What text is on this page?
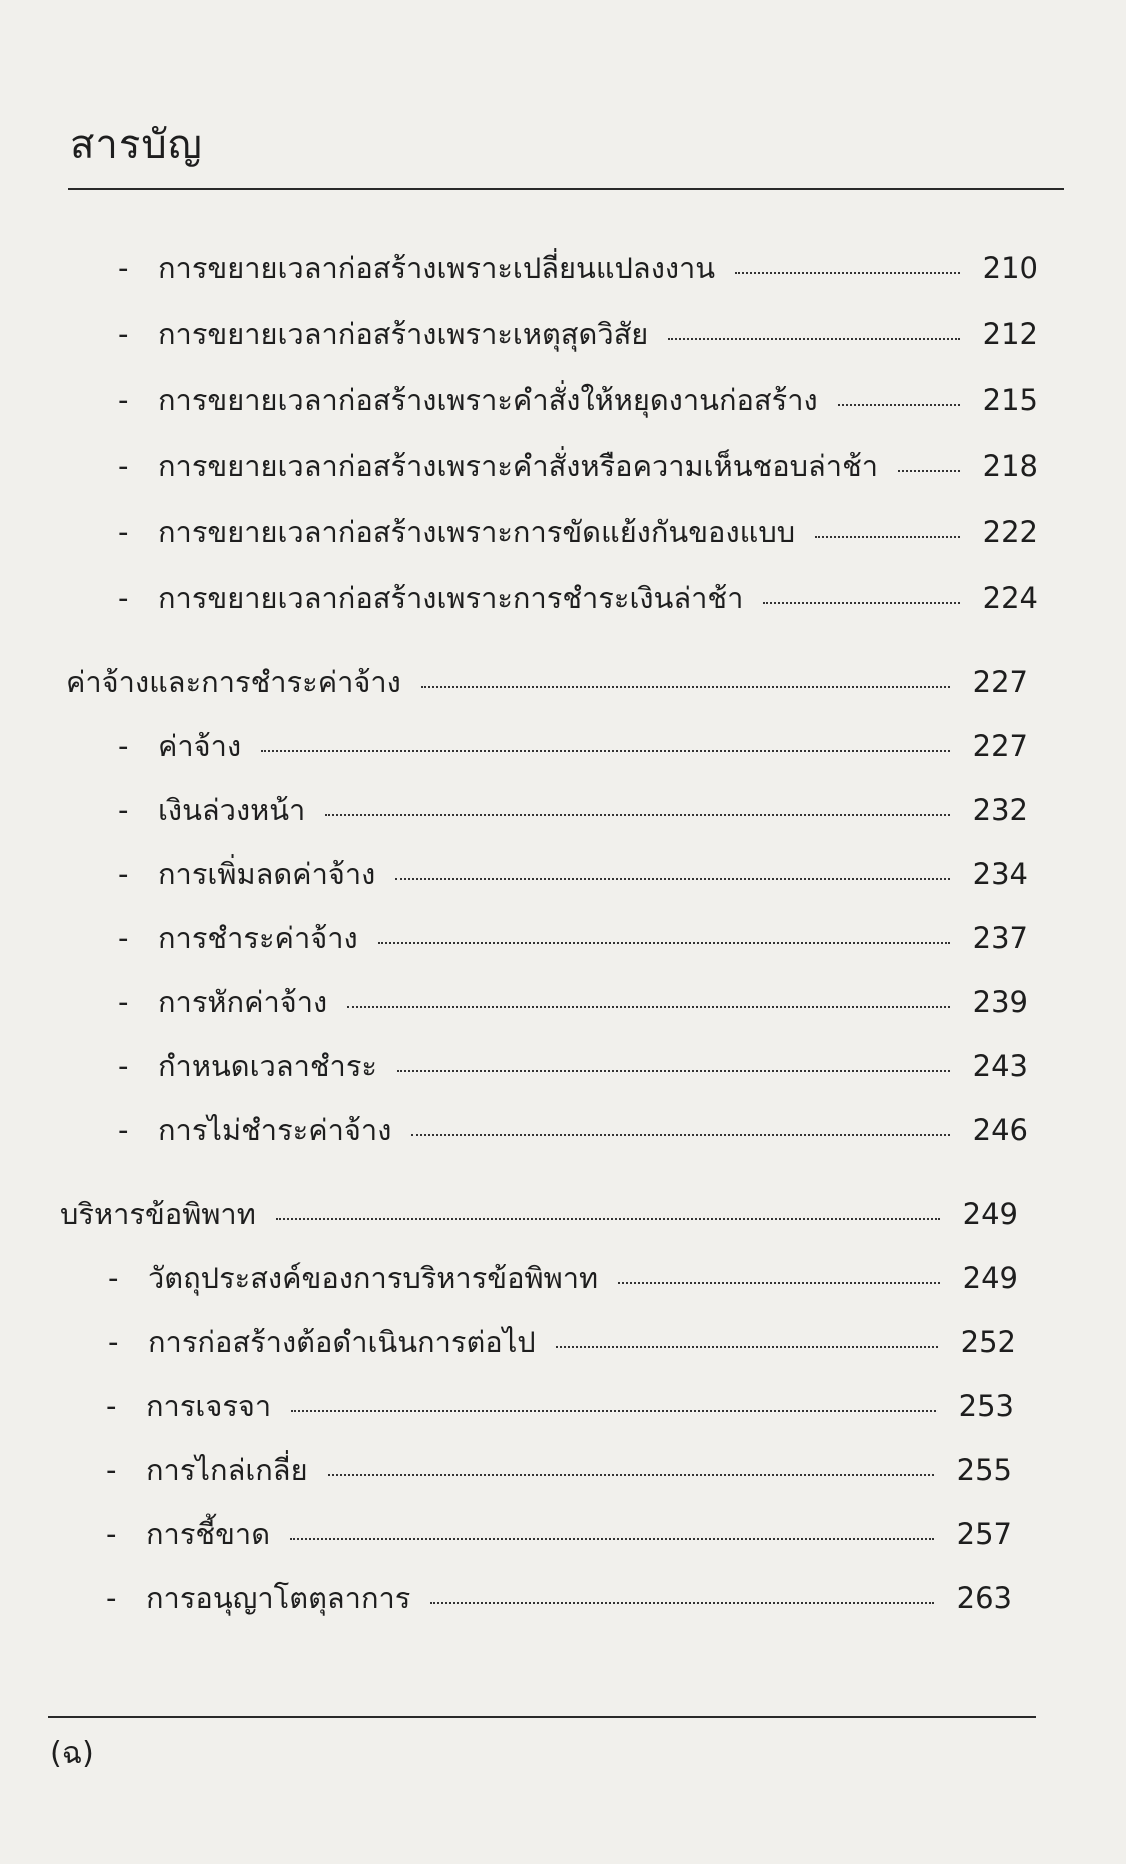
สารบัญ
-	การขยายเวลาก่อสร้างเพราะเปลี่ยนแปลงงาน	210
-	การขยายเวลาก่อสร้างเพราะเหตุสุดวิสัย	212
-	การขยายเวลาก่อสร้างเพราะคำสั่งให้หยุดงานก่อสร้าง	215
-	การขยายเวลาก่อสร้างเพราะคำสั่งหรือความเห็นชอบล่าช้า	218
-	การขยายเวลาก่อสร้างเพราะการขัดแย้งกันของแบบ	222
-	การขยายเวลาก่อสร้างเพราะการชำระเงินล่าช้า	224
ค่าจ้างและการชำระค่าจ้าง	227
-	ค่าจ้าง	227
-	เงินล่วงหน้า	232
-	การเพิ่มลดค่าจ้าง	234
-	การชำระค่าจ้าง	237
-	การหักค่าจ้าง	239
-	กำหนดเวลาชำระ	243
-	การไม่ชำระค่าจ้าง	246
บริหารข้อพิพาท	249
-	วัตถุประสงค์ของการบริหารข้อพิพาท	249
-	การก่อสร้างต้อดำเนินการต่อไป	252
-	การเจรจา	253
-	การไกล่เกลี่ย	255
-	การชี้ขาด	257
-	การอนุญาโตตุลาการ	263
(ฉ)
